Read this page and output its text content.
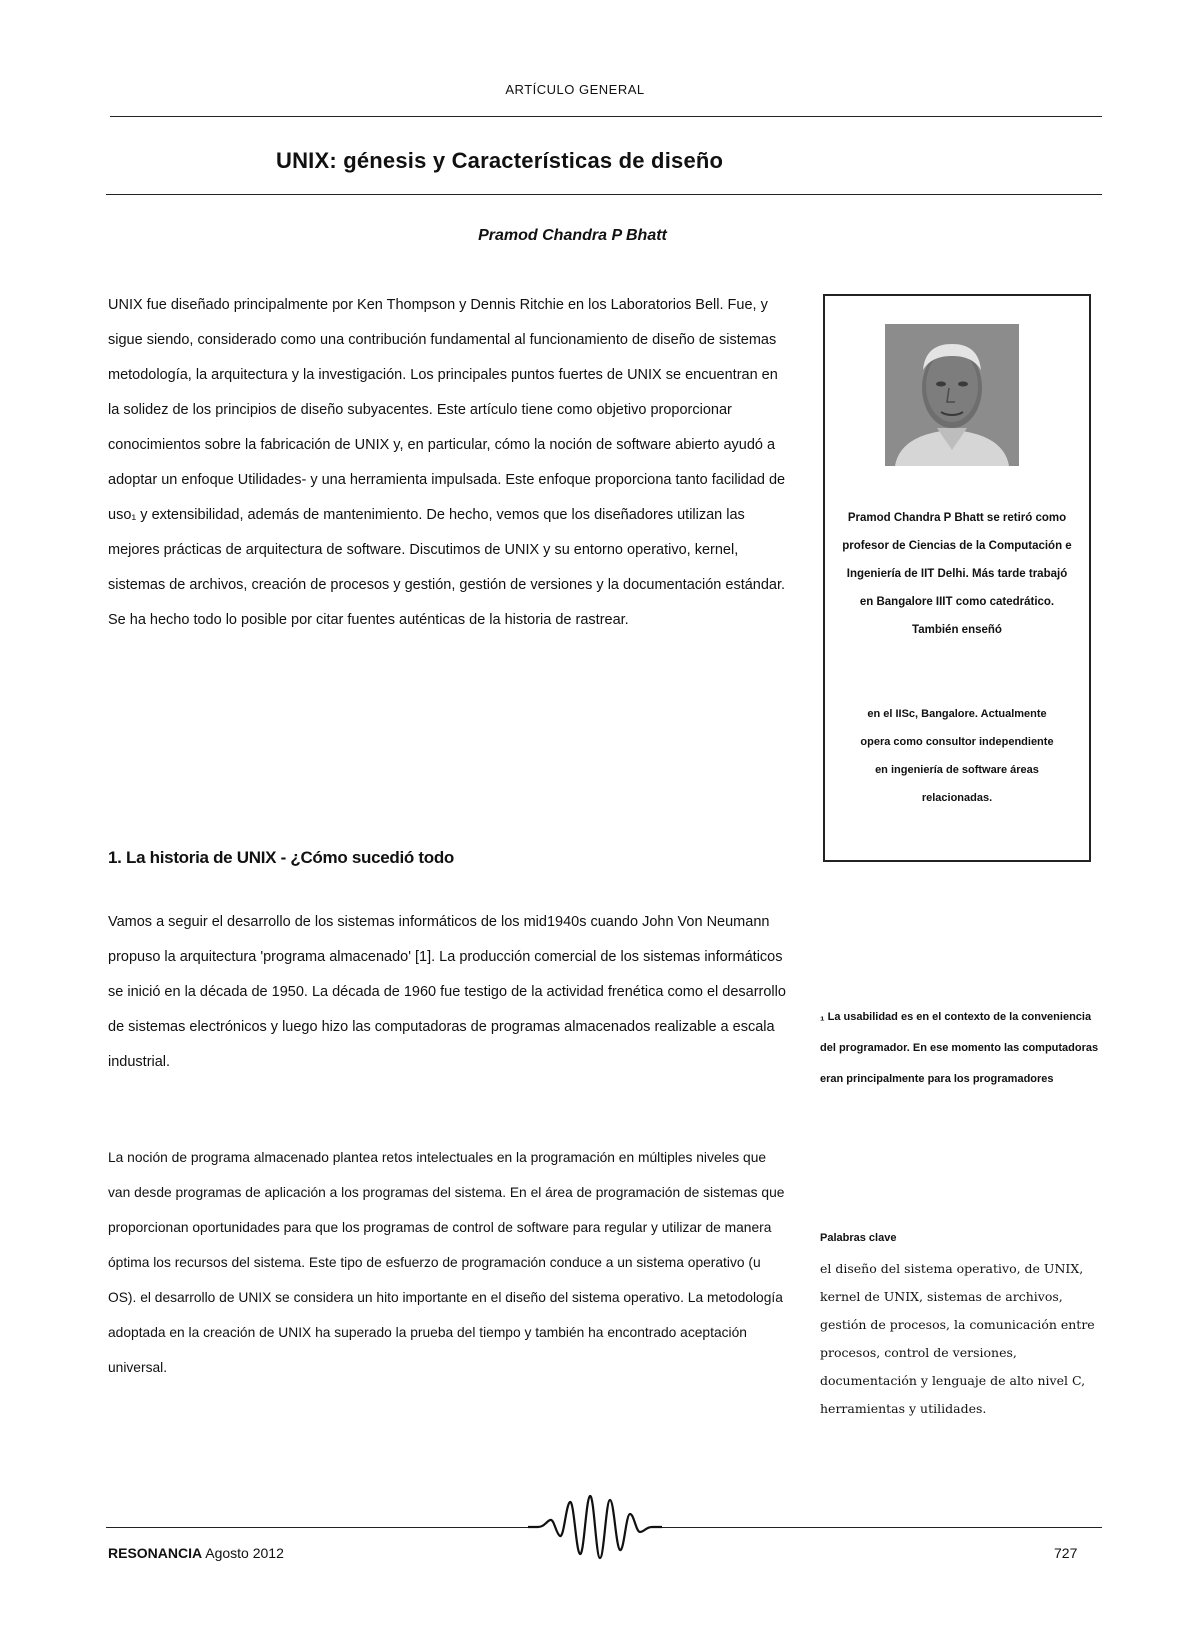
ARTÍCULO GENERAL
UNIX: génesis y Características de diseño
Pramod Chandra P Bhatt

UNIX fue diseñado principalmente por Ken Thompson y Dennis Ritchie en los Laboratorios Bell. Fue, y sigue siendo, considerado como una contribución fundamental al funcionamiento de diseño de sistemas metodología, la arquitectura y la investigación. Los principales puntos fuertes de UNIX se encuentran en la solidez de los principios de diseño subyacentes. Este artículo tiene como objetivo proporcionar conocimientos sobre la fabricación de UNIX y, en particular, cómo la noción de software abierto ayudó a adoptar un enfoque Utilidades- y una herramienta impulsada. Este enfoque proporciona tanto facilidad de uso₁ y extensibilidad, además de mantenimiento. De hecho, vemos que los diseñadores utilizan las mejores prácticas de arquitectura de software. Discutimos de UNIX y su entorno operativo, kernel, sistemas de archivos, creación de procesos y gestión, gestión de versiones y la documentación estándar. Se ha hecho todo lo posible por citar fuentes auténticas de la historia de rastrear.

1. La historia de UNIX - ¿Cómo sucedió todo

Vamos a seguir el desarrollo de los sistemas informáticos de los mid1940s cuando John Von Neumann propuso la arquitectura 'programa almacenado' [1]. La producción comercial de los sistemas informáticos se inició en la década de 1950. La década de 1960 fue testigo de la actividad frenética como el desarrollo de sistemas electrónicos y luego hizo las computadoras de programas almacenados realizable a escala industrial.

La noción de programa almacenado plantea retos intelectuales en la programación en múltiples niveles que van desde programas de aplicación a los programas del sistema. En el área de programación de sistemas que proporcionan oportunidades para que los programas de control de software para regular y utilizar de manera óptima los recursos del sistema. Este tipo de esfuerzo de programación conduce a un sistema operativo (u OS). el desarrollo de UNIX se considera un hito importante en el diseño del sistema operativo. La metodología adoptada en la creación de UNIX ha superado la prueba del tiempo y también ha encontrado aceptación universal.

Pramod Chandra P Bhatt se retiró como profesor de Ciencias de la Computación e Ingeniería de IIT Delhi. Más tarde trabajó en Bangalore IIIT como catedrático. También enseñó
en el IISc, Bangalore. Actualmente opera como consultor independiente en ingeniería de software áreas relacionadas.
₁ La usabilidad es en el contexto de la conveniencia del programador. En ese momento las computadoras eran principalmente para los programadores
Palabras clave
el diseño del sistema operativo, de UNIX, kernel de UNIX, sistemas de archivos, gestión de procesos, la comunicación entre procesos, control de versiones, documentación y lenguaje de alto nivel C, herramientas y utilidades.
RESONANCIA Agosto 2012	727
